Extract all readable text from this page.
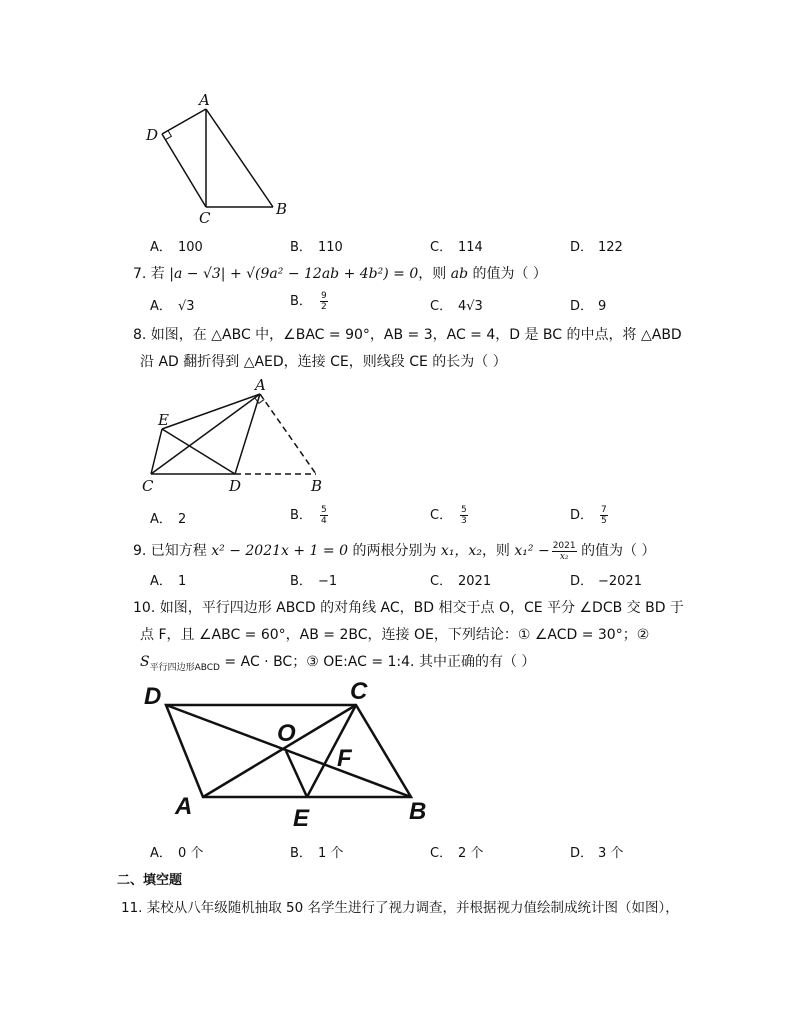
A
D
C	B
A． 100	B． 110	C． 114	D． 122
7. 若 |a − √3| + √(9a² − 12ab + 4b²) = 0，则 ab 的值为（ ）
A． √3	B． $\frac{9}{2}$	C． 4√3	D． 9
8. 如图，在 △ABC 中，∠BAC = 90°，AB = 3，AC = 4，D 是 BC 的中点，将 △ABD
沿 AD 翻折得到 △AED，连接 CE，则线段 CE 的长为（ ）
A
E
C	D	B
A． 2	B． $\frac{5}{4}$	C． $\frac{5}{3}$	D． $\frac{7}{5}$
9. 已知方程 x² − 2021x + 1 = 0 的两根分别为 x₁，x₂，则 $x_1^2 - \frac{2021}{\text{x₂}}$ 的值为（ ）
A． 1	B． −1	C． 2021	D． −2021
10. 如图，平行四边形 ABCD 的对角线 AC，BD 相交于点 O，CE 平分 ∠DCB 交 BD 于
点 F，且 ∠ABC = 60°，AB = 2BC，连接 OE，下列结论：① ∠ACD = 30°；②
$S_{平行四边形ABCD}$ = AC · BC；③ OE:AC = 1:4. 其中正确的有（ ）
D	C
O
F
A	E	B
A． 0 个	B． 1 个	C． 2 个	D． 3 个
二、填空题
11. 某校从八年级随机抽取 50 名学生进行了视力调查，并根据视力值绘制成统计图（如图），
